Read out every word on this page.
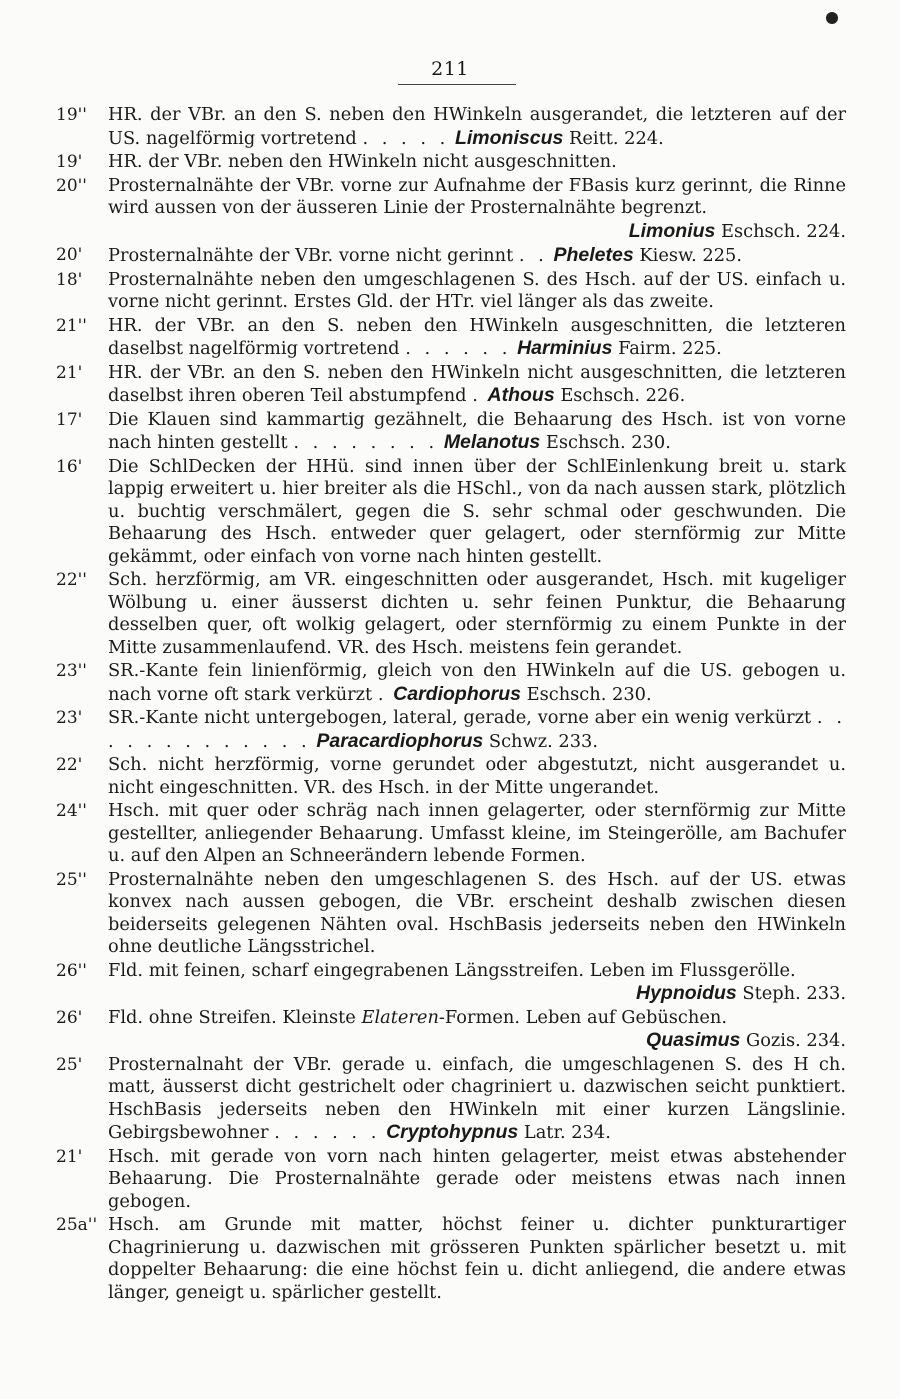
211
19''	HR. der VBr. an den S. neben den HWinkeln ausgerandet, die letzteren auf der US. nagelförmig vortretend . . . . . Limoniscus Reitt. 224.
19'	HR. der VBr. neben den HWinkeln nicht ausgeschnitten.
20''	Prosternalnähte der VBr. vorne zur Aufnahme der FBasis kurz gerinnt, die Rinne wird aussen von der äusseren Linie der Prosternalnähte begrenzt.
Limonius Eschsch. 224.
20'	Prosternalnähte der VBr. vorne nicht gerinnt . . Pheletes Kiesw. 225.
18'	Prosternalnähte neben den umgeschlagenen S. des Hsch. auf der US. einfach u. vorne nicht gerinnt. Erstes Gld. der HTr. viel länger als das zweite.
21''	HR. der VBr. an den S. neben den HWinkeln ausgeschnitten, die letzteren daselbst nagelförmig vortretend . . . . . . Harminius Fairm. 225.
21'	HR. der VBr. an den S. neben den HWinkeln nicht ausgeschnitten, die letzteren daselbst ihren oberen Teil abstumpfend . Athous Eschsch. 226.
17'	Die Klauen sind kammartig gezähnelt, die Behaarung des Hsch. ist von vorne nach hinten gestellt . . . . . . . . Melanotus Eschsch. 230.
16'	Die SchlDecken der HHü. sind innen über der SchlEinlenkung breit u. stark lappig erweitert u. hier breiter als die HSchl., von da nach aussen stark, plötzlich u. buchtig verschmälert, gegen die S. sehr schmal oder geschwunden. Die Behaarung des Hsch. entweder quer gelagert, oder sternförmig zur Mitte gekämmt, oder einfach von vorne nach hinten gestellt.
22''	Sch. herzförmig, am VR. eingeschnitten oder ausgerandet, Hsch. mit kugeliger Wölbung u. einer äusserst dichten u. sehr feinen Punktur, die Behaarung desselben quer, oft wolkig gelagert, oder sternförmig zu einem Punkte in der Mitte zusammenlaufend. VR. des Hsch. meistens fein gerandet.
23''	SR.-Kante fein linienförmig, gleich von den HWinkeln auf die US. gebogen u. nach vorne oft stark verkürzt . Cardiophorus Eschsch. 230.
23'	SR.-Kante nicht untergebogen, lateral, gerade, vorne aber ein wenig verkürzt . . . . . . . . . . . . . Paracardiophorus Schwz. 233.
22'	Sch. nicht herzförmig, vorne gerundet oder abgestutzt, nicht ausgerandet u. nicht eingeschnitten. VR. des Hsch. in der Mitte ungerandet.
24''	Hsch. mit quer oder schräg nach innen gelagerter, oder sternförmig zur Mitte gestellter, anliegender Behaarung. Umfasst kleine, im Steingerölle, am Bachufer u. auf den Alpen an Schneerändern lebende Formen.
25''	Prosternalnähte neben den umgeschlagenen S. des Hsch. auf der US. etwas konvex nach aussen gebogen, die VBr. erscheint deshalb zwischen diesen beiderseits gelegenen Nähten oval. HschBasis jederseits neben den HWinkeln ohne deutliche Längsstrichel.
26''	Fld. mit feinen, scharf eingegrabenen Längsstreifen. Leben im Flussgerölle.
Hypnoidus Steph. 233.
26'	Fld. ohne Streifen. Kleinste Elateren-Formen. Leben auf Gebüschen.
Quasimus Gozis. 234.
25'	Prosternalnaht der VBr. gerade u. einfach, die umgeschlagenen S. des H ch. matt, äusserst dicht gestrichelt oder chagriniert u. dazwischen seicht punktiert. HschBasis jederseits neben den HWinkeln mit einer kurzen Längslinie. Gebirgsbewohner . . . . . . Cryptohypnus Latr. 234.
21'	Hsch. mit gerade von vorn nach hinten gelagerter, meist etwas abstehender Behaarung. Die Prosternalnähte gerade oder meistens etwas nach innen gebogen.
25a'' Hsch. am Grunde mit matter, höchst feiner u. dichter punkturartiger Chagrinierung u. dazwischen mit grösseren Punkten spärlicher besetzt u. mit doppelter Behaarung: die eine höchst fein u. dicht anliegend, die andere etwas länger, geneigt u. spärlicher gestellt.
